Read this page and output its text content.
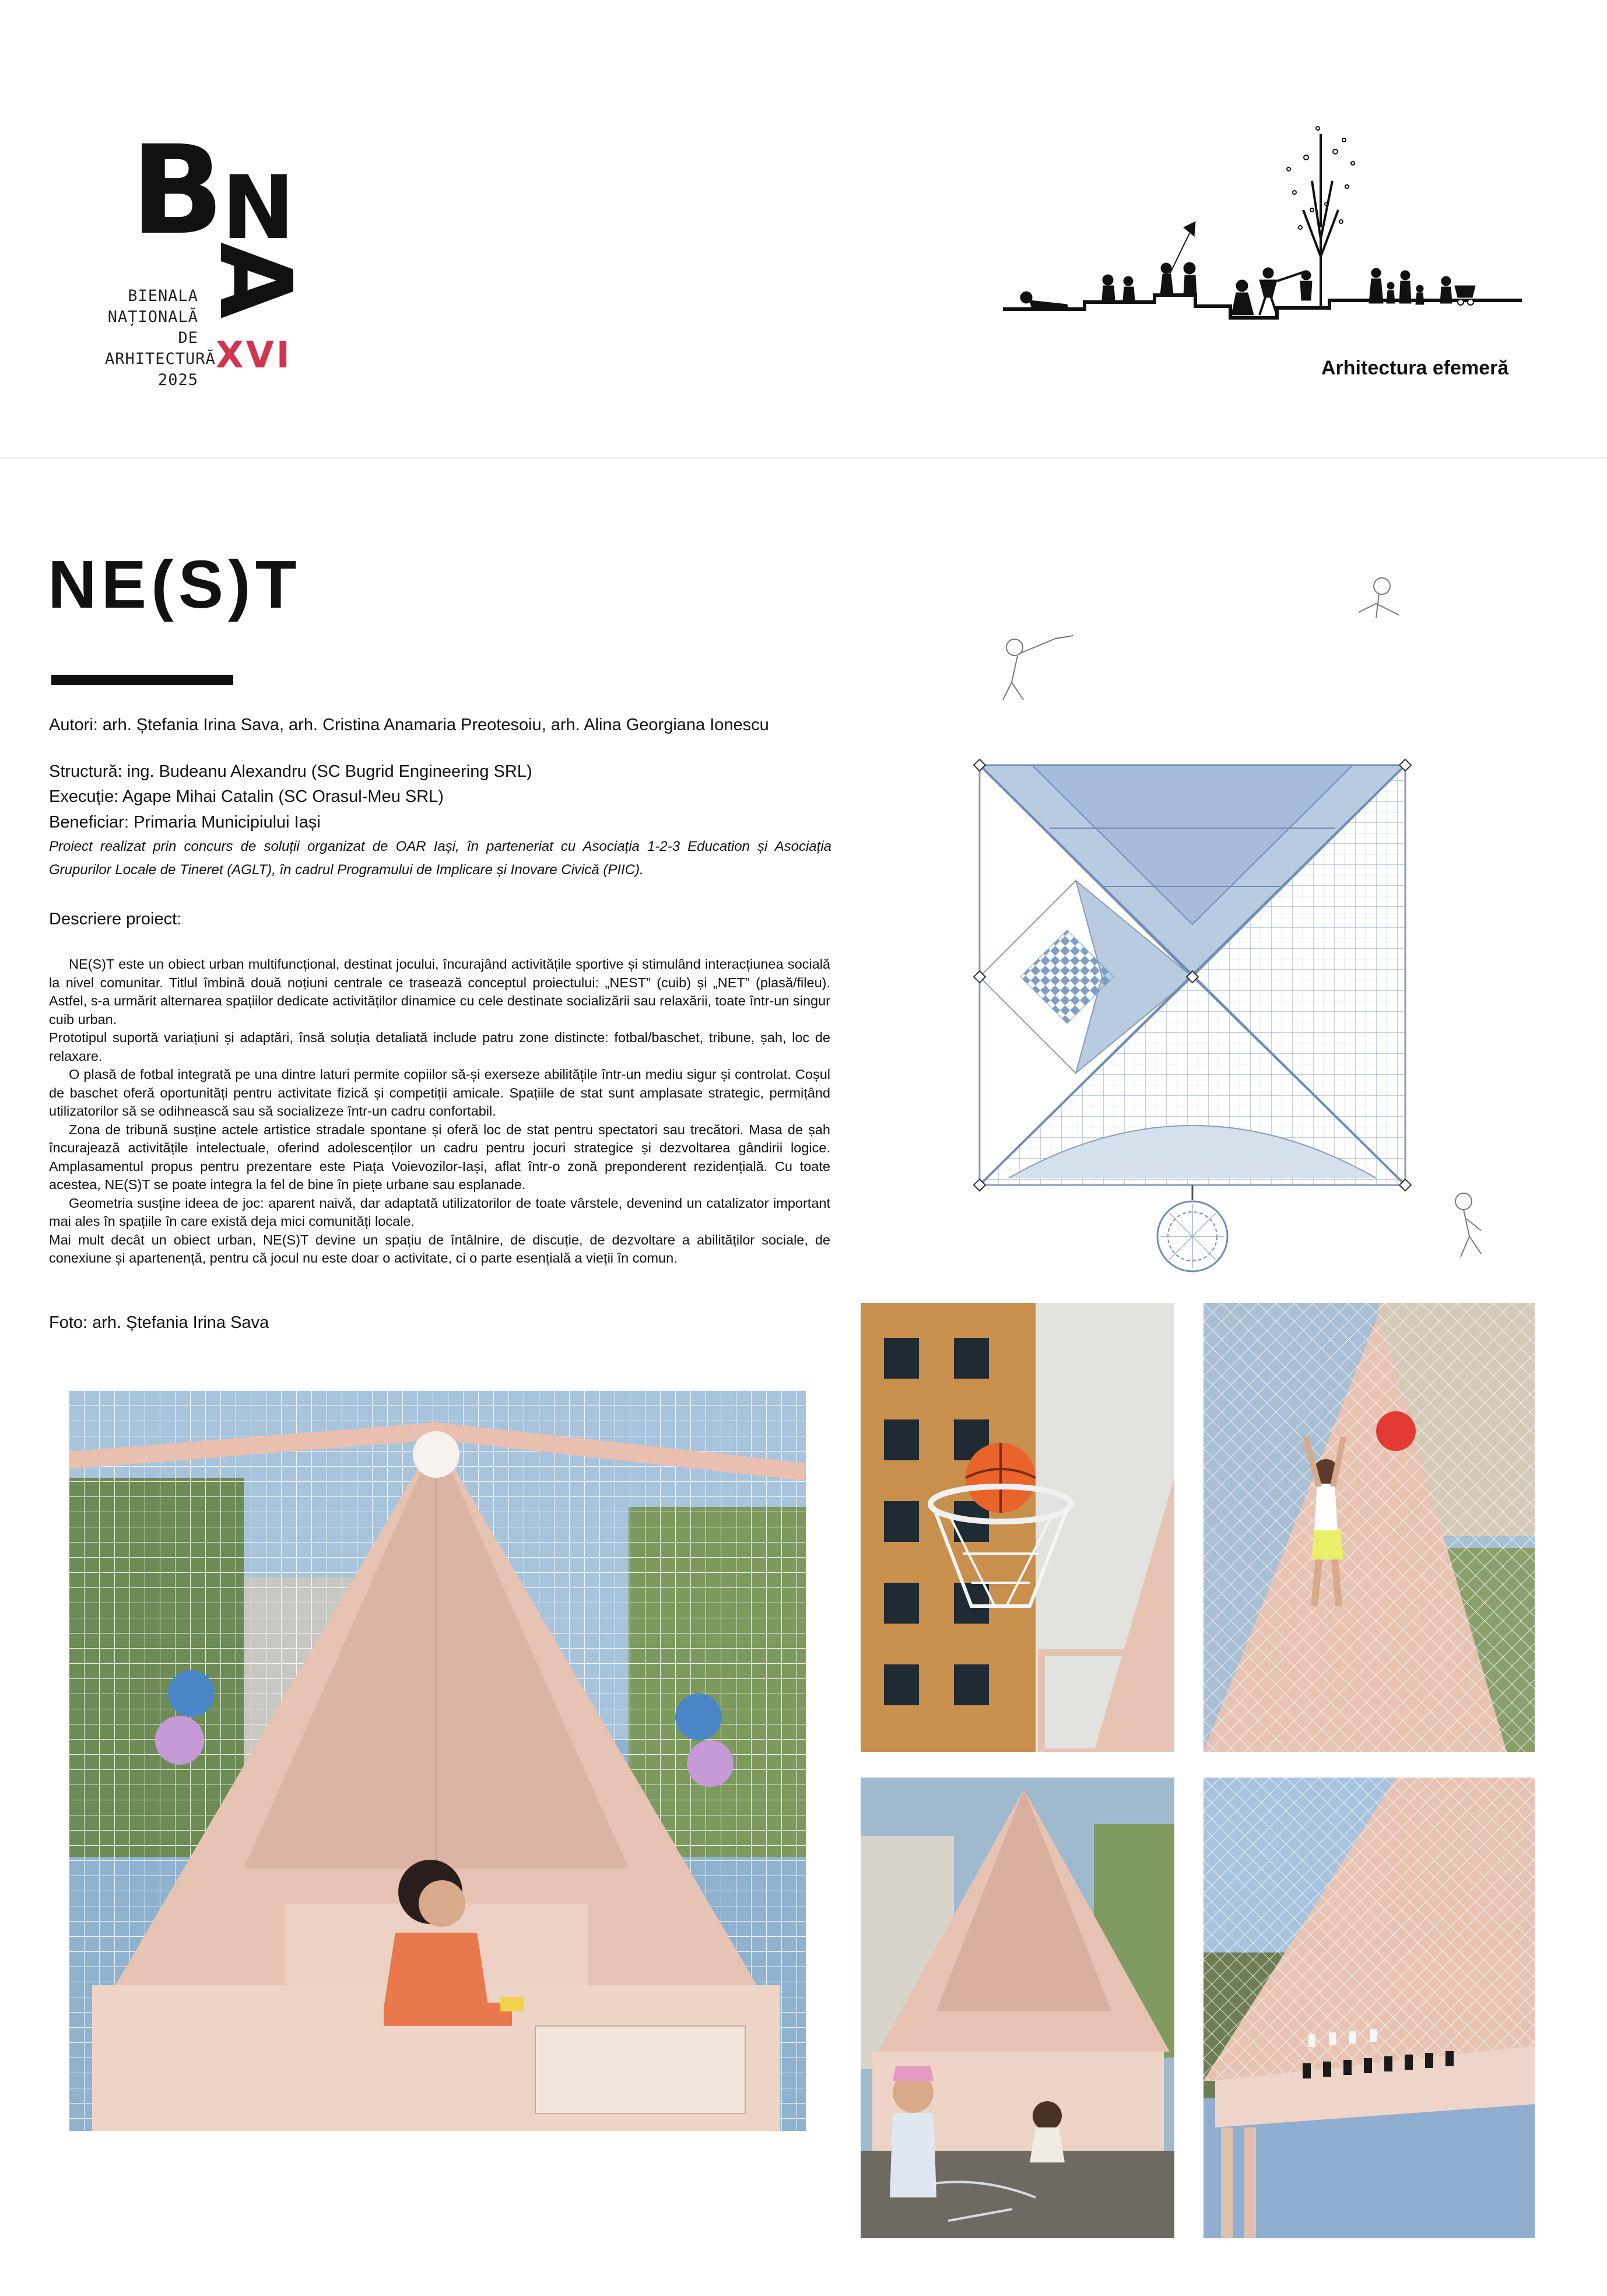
B
N
A
BIENALA
NAȚIONALĂ
DE
ARHITECTURĂ
2025
XVI	Arhitectura efemeră
NE(S)T
Autori: arh. Ștefania Irina Sava, arh. Cristina Anamaria Preotesoiu, arh. Alina Georgiana Ionescu
Structură: ing. Budeanu Alexandru (SC Bugrid Engineering SRL)
Execuție: Agape Mihai Catalin (SC Orasul-Meu SRL)
Beneficiar: Primaria Municipiului Iași
Proiect realizat prin concurs de soluții organizat de OAR Iași, în parteneriat cu Asociația 1-2-3 Education și Asociația Grupurilor Locale de Tineret (AGLT), în cadrul Programului de Implicare și Inovare Civică (PIIC).
Descriere proiect:

NE(S)T este un obiect urban multifuncțional, destinat jocului, încurajând activitățile sportive și stimulând interacțiunea socială la nivel comunitar. Titlul îmbină două noțiuni centrale ce trasează conceptul proiectului: „NEST” (cuib) și „NET” (plasă/fileu). Astfel, s-a urmărit alternarea spațiilor dedicate activităților dinamice cu cele destinate socializării sau relaxării, toate într-un singur cuib urban.

Prototipul suportă variațiuni și adaptări, însă soluția detaliată include patru zone distincte: fotbal/baschet, tribune, șah, loc de relaxare.

O plasă de fotbal integrată pe una dintre laturi permite copiilor să-și exerseze abilitățile într-un mediu sigur și controlat. Coșul de baschet oferă oportunități pentru activitate fizică și competiții amicale. Spațiile de stat sunt amplasate strategic, permițând utilizatorilor să se odihnească sau să socializeze într-un cadru confortabil.

Zona de tribună susține actele artistice stradale spontane și oferă loc de stat pentru spectatori sau trecători. Masa de șah încurajează activitățile intelectuale, oferind adolescenților un cadru pentru jocuri strategice și dezvoltarea gândirii logice. Amplasamentul propus pentru prezentare este Piața Voievozilor-Iași, aflat într-o zonă preponderent rezidențială. Cu toate acestea, NE(S)T se poate integra la fel de bine în piețe urbane sau esplanade.

Geometria susține ideea de joc: aparent naivă, dar adaptată utilizatorilor de toate vârstele, devenind un catalizator important mai ales în spațiile în care există deja mici comunități locale.

Mai mult decât un obiect urban, NE(S)T devine un spațiu de întâlnire, de discuție, de dezvoltare a abilităților sociale, de conexiune și apartenență, pentru că jocul nu este doar o activitate, ci o parte esențială a vieții în comun.

Foto: arh. Ștefania Irina Sava
